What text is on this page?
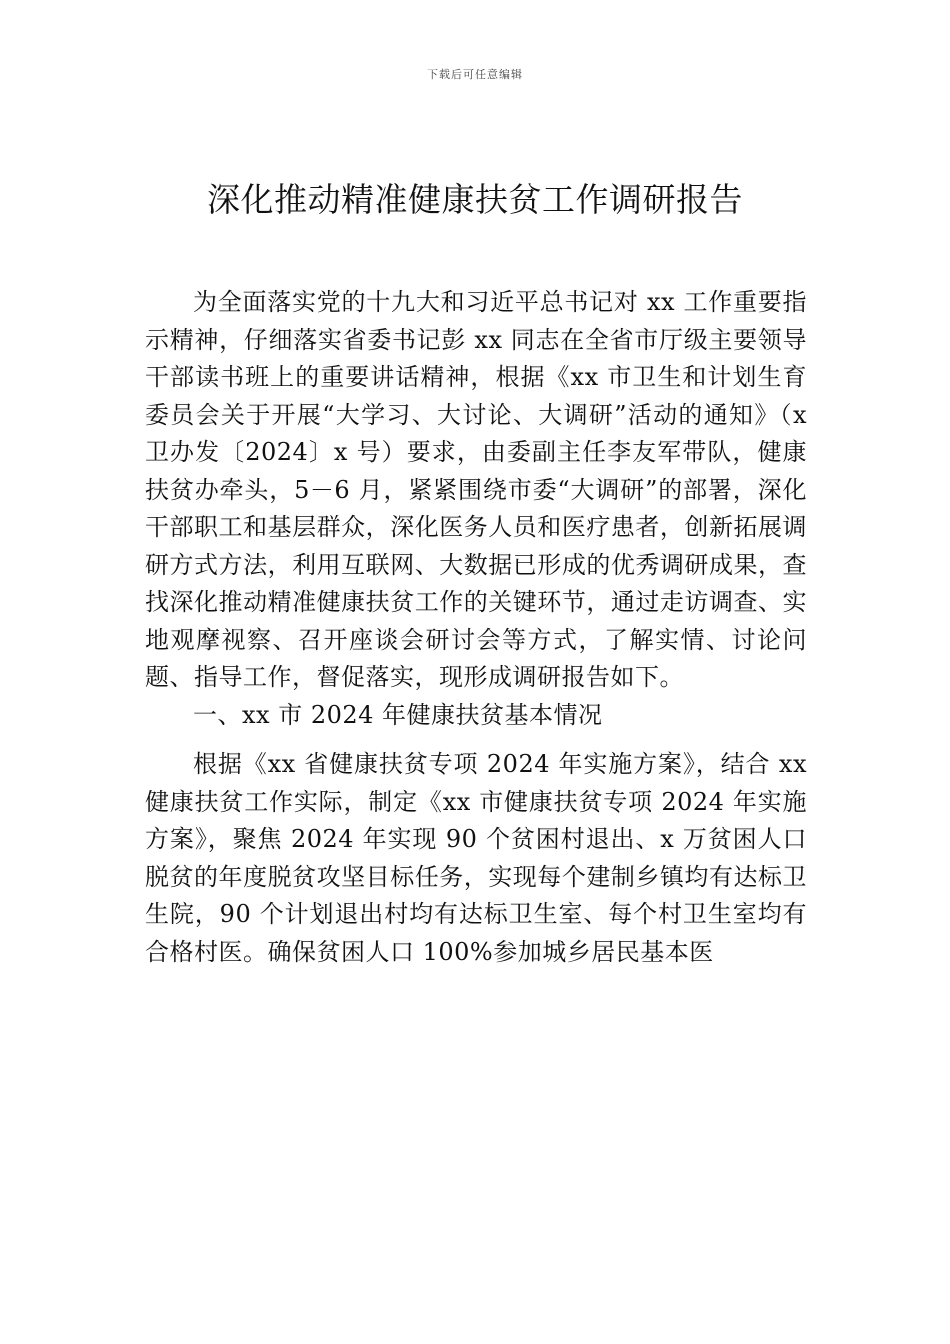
下载后可任意编辑
深化推动精准健康扶贫工作调研报告

为全面落实党的十九大和习近平总书记对 xx 工作重要指示精神，仔细落实省委书记彭 xx 同志在全省市厅级主要领导干部读书班上的重要讲话精神，根据《xx 市卫生和计划生育委员会关于开展“大学习、大讨论、大调研”活动的通知》（x 卫办发〔2024〕x 号）要求，由委副主任李友军带队，健康扶贫办牵头，5－6 月，紧紧围绕市委“大调研”的部署，深化干部职工和基层群众，深化医务人员和医疗患者，创新拓展调研方式方法，利用互联网、大数据已形成的优秀调研成果，查找深化推动精准健康扶贫工作的关键环节，通过走访调查、实地观摩视察、召开座谈会研讨会等方式，了解实情、讨论问题、指导工作，督促落实，现形成调研报告如下。

一、xx 市 2024 年健康扶贫基本情况

根据《xx 省健康扶贫专项 2024 年实施方案》，结合 xx 健康扶贫工作实际，制定《xx 市健康扶贫专项 2024 年实施方案》，聚焦 2024 年实现 90 个贫困村退出、x 万贫困人口脱贫的年度脱贫攻坚目标任务，实现每个建制乡镇均有达标卫生院，90 个计划退出村均有达标卫生室、每个村卫生室均有合格村医。确保贫困人口 100%参加城乡居民基本医
